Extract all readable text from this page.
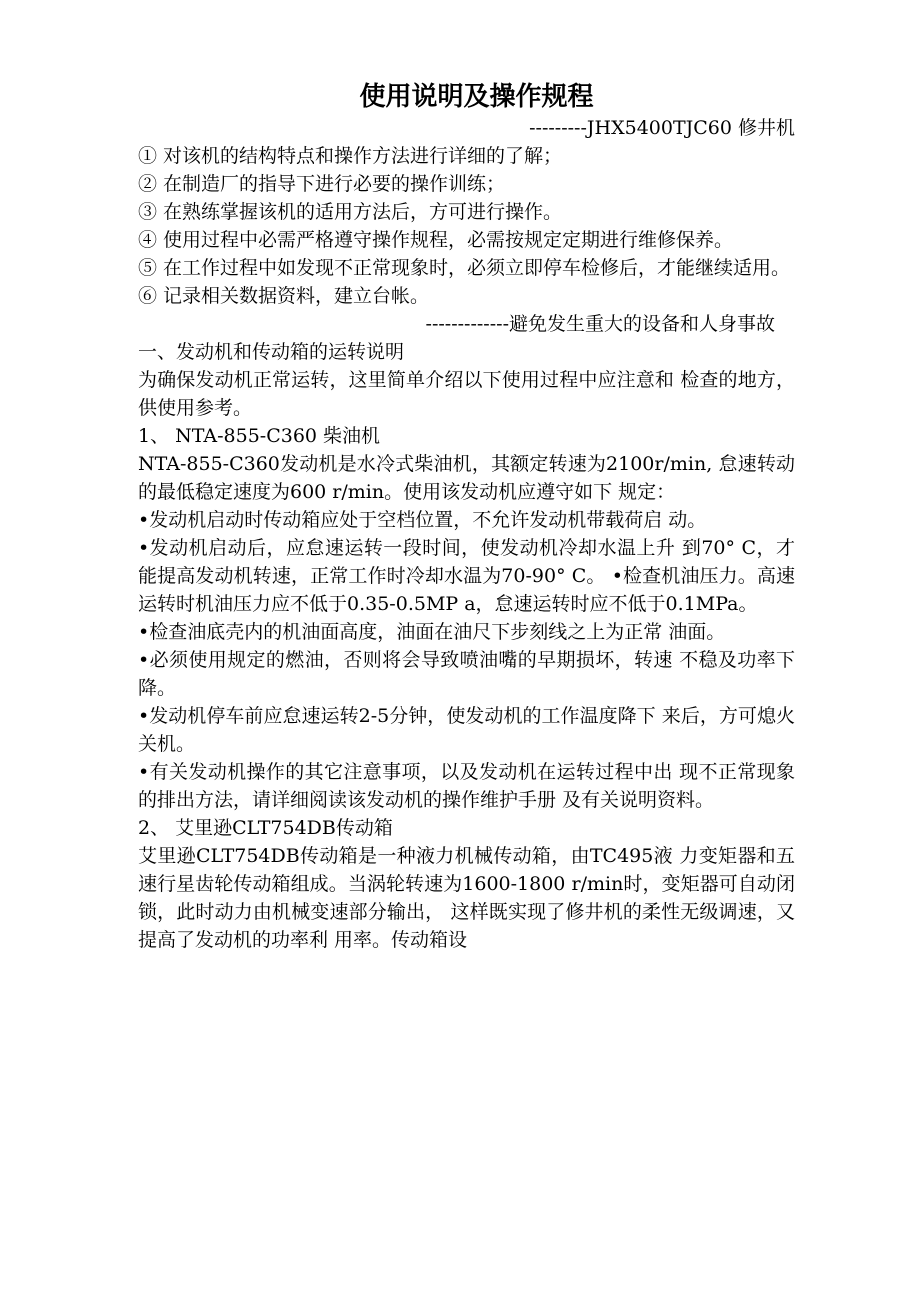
使用说明及操作规程

---------JHX5400TJC60 修井机

① 对该机的结构特点和操作方法进行详细的了解；

② 在制造厂的指导下进行必要的操作训练；

③ 在熟练掌握该机的适用方法后，方可进行操作。

④ 使用过程中必需严格遵守操作规程，必需按规定定期进行维修保养。

⑤ 在工作过程中如发现不正常现象时，必须立即停车检修后，才能继续适用。

⑥ 记录相关数据资料，建立台帐。

-------------避免发生重大的设备和人身事故

一、发动机和传动箱的运转说明

为确保发动机正常运转，这里简单介绍以下使用过程中应注意和 检查的地方，供使用参考。

1、 NTA-855-C360 柴油机

NTA-855-C360发动机是水冷式柴油机，其额定转速为2100r/min, 怠速转动的最低稳定速度为600 r/min。使用该发动机应遵守如下 规定：

•发动机启动时传动箱应处于空档位置，不允许发动机带载荷启 动。

•发动机启动后，应怠速运转一段时间，使发动机冷却水温上升 到70° C，才能提高发动机转速，正常工作时冷却水温为70-90° C。 •检查机油压力。高速运转时机油压力应不低于0.35-0.5MP a，怠速运转时应不低于0.1MPa。

•检查油底壳内的机油面高度，油面在油尺下步刻线之上为正常 油面。

•必须使用规定的燃油，否则将会导致喷油嘴的早期损坏，转速 不稳及功率下降。

•发动机停车前应怠速运转2-5分钟，使发动机的工作温度降下 来后，方可熄火关机。

•有关发动机操作的其它注意事项，以及发动机在运转过程中出 现不正常现象的排出方法，请详细阅读该发动机的操作维护手册 及有关说明资料。

2、 艾里逊CLT754DB传动箱

艾里逊CLT754DB传动箱是一种液力机械传动箱，由TC495液 力变矩器和五速行星齿轮传动箱组成。当涡轮转速为1600-1800 r/min时，变矩器可自动闭锁，此时动力由机械变速部分输出， 这样既实现了修井机的柔性无级调速，又提高了发动机的功率利 用率。传动箱设
